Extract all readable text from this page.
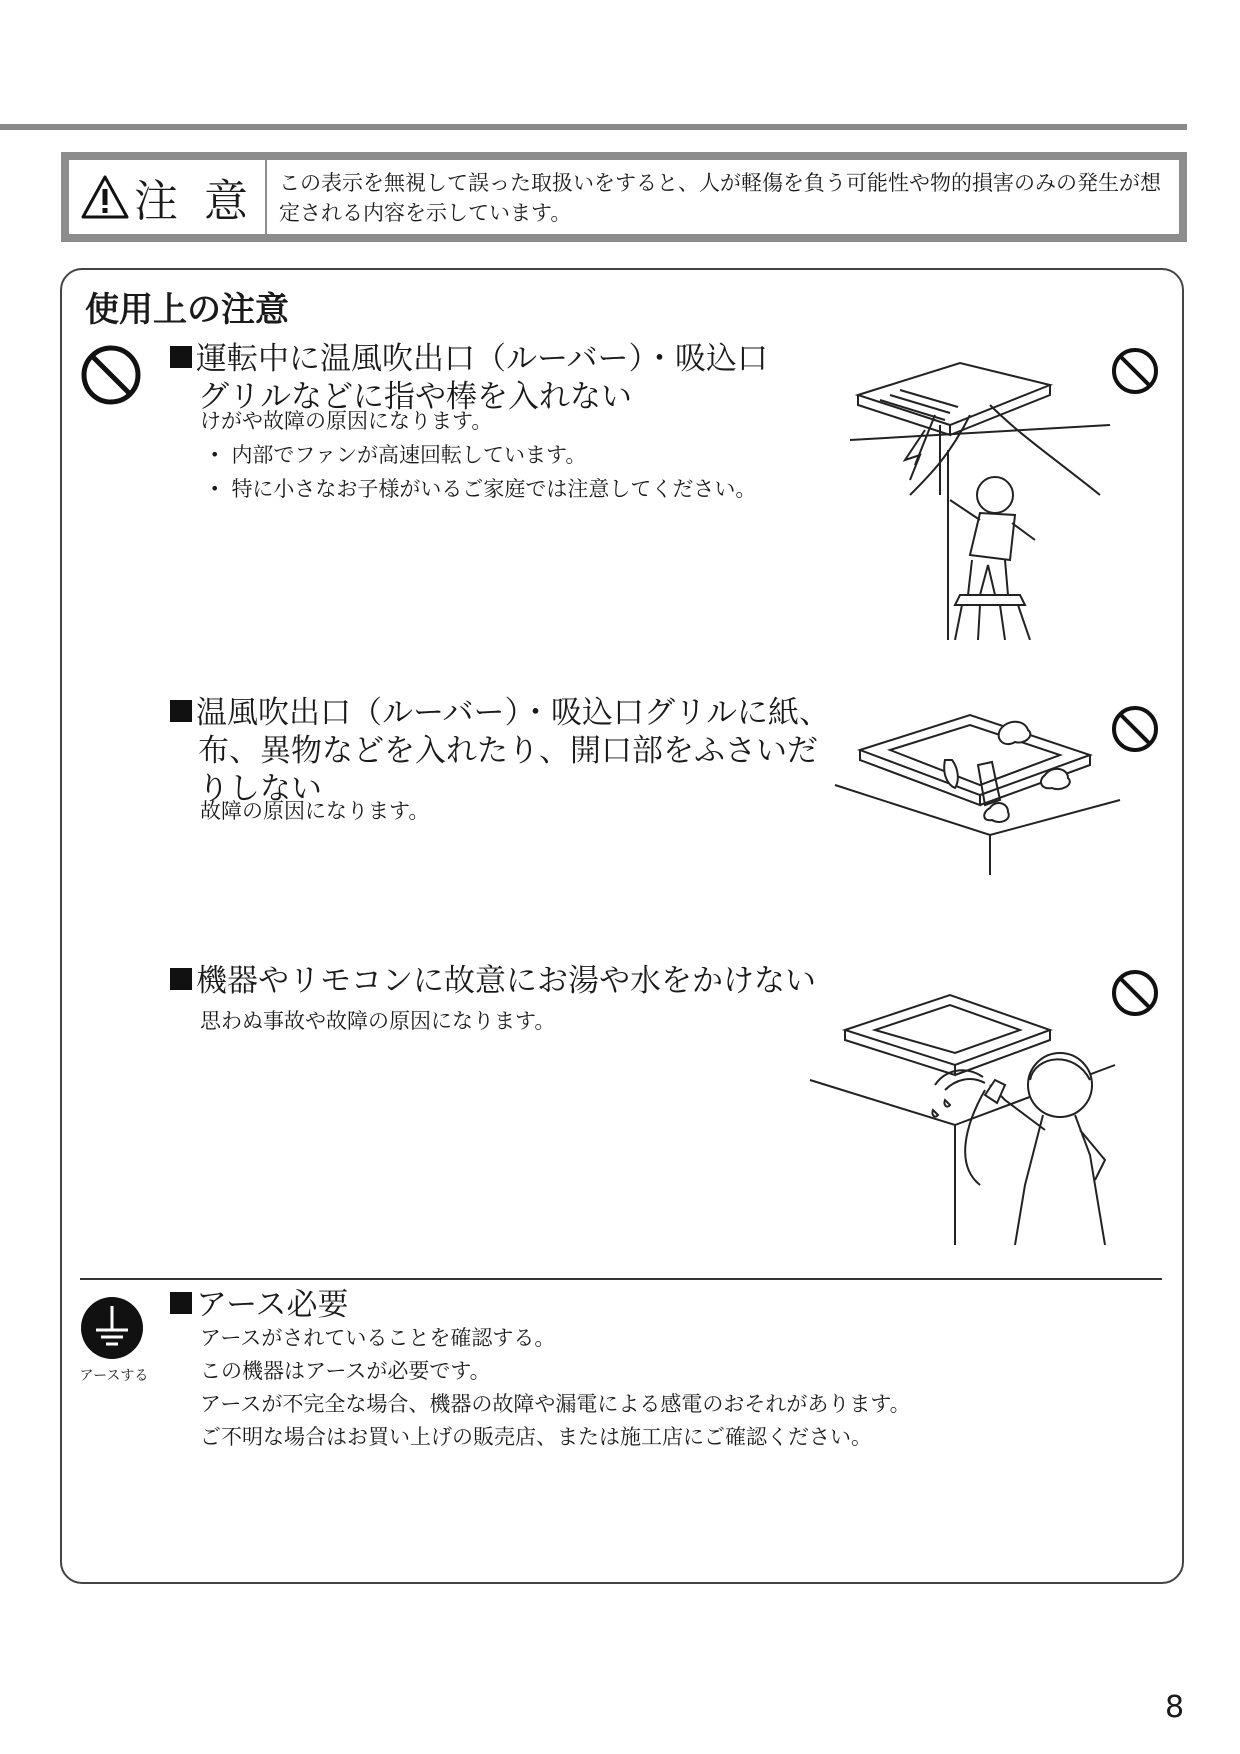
注 意 この表示を無視して誤った取扱いをすると、人が軽傷を負う可能性や物的損害のみの発生が想定される内容を示しています。
使用上の注意
運転中に温風吹出口（ルーバー）・吸込口
グリルなどに指や棒を入れない
けがや故障の原因になります。
• 内部でファンが高速回転しています。
• 特に小さなお子様がいるご家庭では注意してください。
温風吹出口（ルーバー）・吸込口グリルに紙、
布、異物などを入れたり、開口部をふさいだ
りしない
故障の原因になります。
機器やリモコンに故意にお湯や水をかけない
思わぬ事故や故障の原因になります。
アースする
アース必要
アースがされていることを確認する。
この機器はアースが必要です。
アースが不完全な場合、機器の故障や漏電による感電のおそれがあります。
ご不明な場合はお買い上げの販売店、または施工店にご確認ください。
8
